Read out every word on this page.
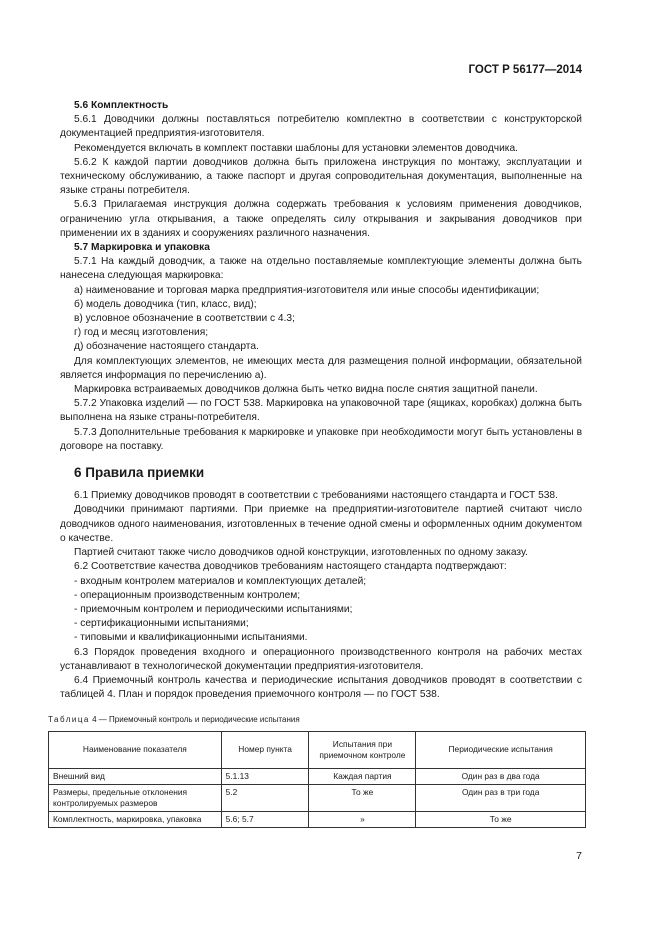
ГОСТ Р 56177—2014

5.6 Комплектность

5.6.1 Доводчики должны поставляться потребителю комплектно в соответствии с конструкторской документацией предприятия-изготовителя.

Рекомендуется включать в комплект поставки шаблоны для установки элементов доводчика.

5.6.2 К каждой партии доводчиков должна быть приложена инструкция по монтажу, эксплуатации и техническому обслуживанию, а также паспорт и другая сопроводительная документация, выполненные на языке страны потребителя.

5.6.3 Прилагаемая инструкция должна содержать требования к условиям применения доводчиков, ограничению угла открывания, а также определять силу открывания и закрывания доводчиков при применении их в зданиях и сооружениях различного назначения.

5.7 Маркировка и упаковка

5.7.1 На каждый доводчик, а также на отдельно поставляемые комплектующие элементы должна быть нанесена следующая маркировка:

а) наименование и торговая марка предприятия-изготовителя или иные способы идентификации;

б) модель доводчика (тип, класс, вид);

в) условное обозначение в соответствии с 4.3;

г) год и месяц изготовления;

д) обозначение настоящего стандарта.

Для комплектующих элементов, не имеющих места для размещения полной информации, обязательной является информация по перечислению а).

Маркировка встраиваемых доводчиков должна быть четко видна после снятия защитной панели.

5.7.2 Упаковка изделий — по ГОСТ 538. Маркировка на упаковочной таре (ящиках, коробках) должна быть выполнена на языке страны-потребителя.

5.7.3 Дополнительные требования к маркировке и упаковке при необходимости могут быть установлены в договоре на поставку.

6 Правила приемки

6.1 Приемку доводчиков проводят в соответствии с требованиями настоящего стандарта и ГОСТ 538.

Доводчики принимают партиями. При приемке на предприятии-изготовителе партией считают число доводчиков одного наименования, изготовленных в течение одной смены и оформленных одним документом о качестве.

Партией считают также число доводчиков одной конструкции, изготовленных по одному заказу.

6.2 Соответствие качества доводчиков требованиям настоящего стандарта подтверждают:

- входным контролем материалов и комплектующих деталей;

- операционным производственным контролем;

- приемочным контролем и периодическими испытаниями;

- сертификационными испытаниями;

- типовыми и квалификационными испытаниями.

6.3 Порядок проведения входного и операционного производственного контроля на рабочих местах устанавливают в технологической документации предприятия-изготовителя.

6.4 Приемочный контроль качества и периодические испытания доводчиков проводят в соответствии с таблицей 4. План и порядок проведения приемочного контроля — по ГОСТ 538.

Таблица 4 — Приемочный контроль и периодические испытания

Наименование показателя	Номер пункта	Испытания при приемочном контроле	Периодические испытания
Внешний вид	5.1.13	Каждая партия	Один раз в два года
Размеры, предельные отклонения контролируемых размеров	5.2	То же	Один раз в три года
Комплектность, маркировка, упаковка	5.6; 5.7	»	То же
7
